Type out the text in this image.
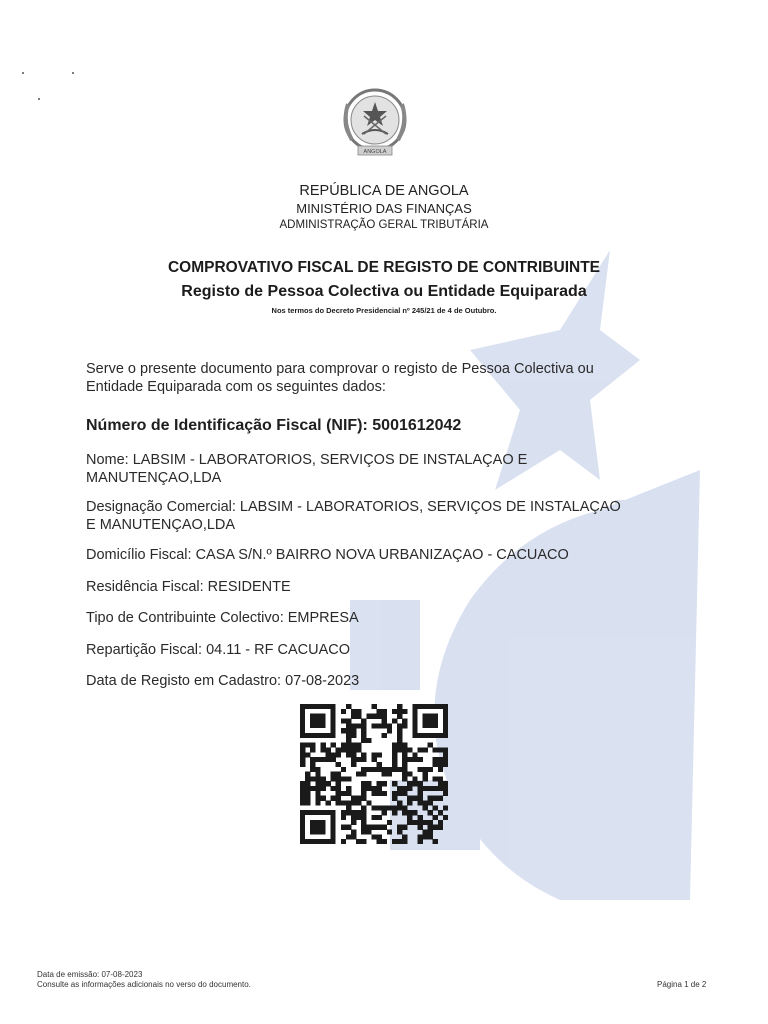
ANGOLA
REPÚBLICA DE ANGOLA
MINISTÉRIO DAS FINANÇAS
ADMINISTRAÇÃO GERAL TRIBUTÁRIA
COMPROVATIVO FISCAL DE REGISTO DE CONTRIBUINTE
Registo de Pessoa Colectiva ou Entidade Equiparada
Nos termos do Decreto Presidencial nº 245/21 de 4 de Outubro.
Serve o presente documento para comprovar o registo de Pessoa Colectiva ou
Entidade Equiparada com os seguintes dados:
Número de Identificação Fiscal (NIF): 5001612042
Nome: LABSIM - LABORATORIOS, SERVIÇOS DE INSTALAÇAO E
MANUTENÇAO,LDA
Designação Comercial: LABSIM - LABORATORIOS, SERVIÇOS DE INSTALAÇAO
E MANUTENÇAO,LDA
Domicílio Fiscal: CASA S/N.º BAIRRO NOVA URBANIZAÇAO - CACUACO
Residência Fiscal: RESIDENTE
Tipo de Contribuinte Colectivo: EMPRESA
Repartição Fiscal: 04.11 - RF CACUACO
Data de Registo em Cadastro: 07-08-2023
Data de emissão: 07-08-2023
Consulte as informações adicionais no verso do documento.	Página 1 de 2
